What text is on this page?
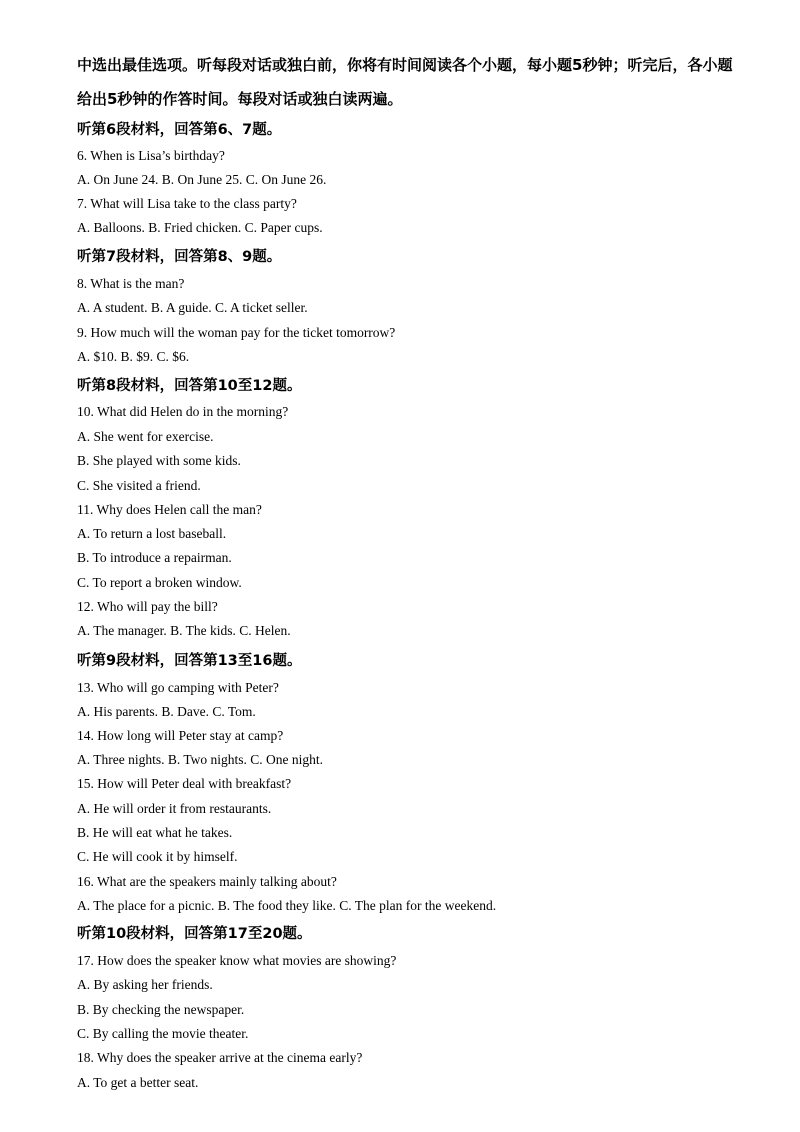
中选出最佳选项。听每段对话或独白前，你将有时间阅读各个小题，每小题5秒钟；听完后，各小题给出5秒钟的作答时间。每段对话或独白读两遍。
听第6段材料，回答第6、7题。
6. When is Lisa’s birthday?
A. On June 24. B. On June 25. C. On June 26.
7. What will Lisa take to the class party?
A. Balloons. B. Fried chicken. C. Paper cups.
听第7段材料，回答第8、9题。
8. What is the man?
A. A student. B. A guide. C. A ticket seller.
9. How much will the woman pay for the ticket tomorrow?
A. $10. B. $9. C. $6.
听第8段材料，回答第10至12题。
10. What did Helen do in the morning?
A. She went for exercise.
B. She played with some kids.
C. She visited a friend.
11. Why does Helen call the man?
A. To return a lost baseball.
B. To introduce a repairman.
C. To report a broken window.
12. Who will pay the bill?
A. The manager. B. The kids. C. Helen.
听第9段材料，回答第13至16题。
13. Who will go camping with Peter?
A. His parents. B. Dave. C. Tom.
14. How long will Peter stay at camp?
A. Three nights. B. Two nights. C. One night.
15. How will Peter deal with breakfast?
A. He will order it from restaurants.
B. He will eat what he takes.
C. He will cook it by himself.
16. What are the speakers mainly talking about?
A. The place for a picnic. B. The food they like. C. The plan for the weekend.
听第10段材料，回答第17至20题。
17. How does the speaker know what movies are showing?
A. By asking her friends.
B. By checking the newspaper.
C. By calling the movie theater.
18. Why does the speaker arrive at the cinema early?
A. To get a better seat.
